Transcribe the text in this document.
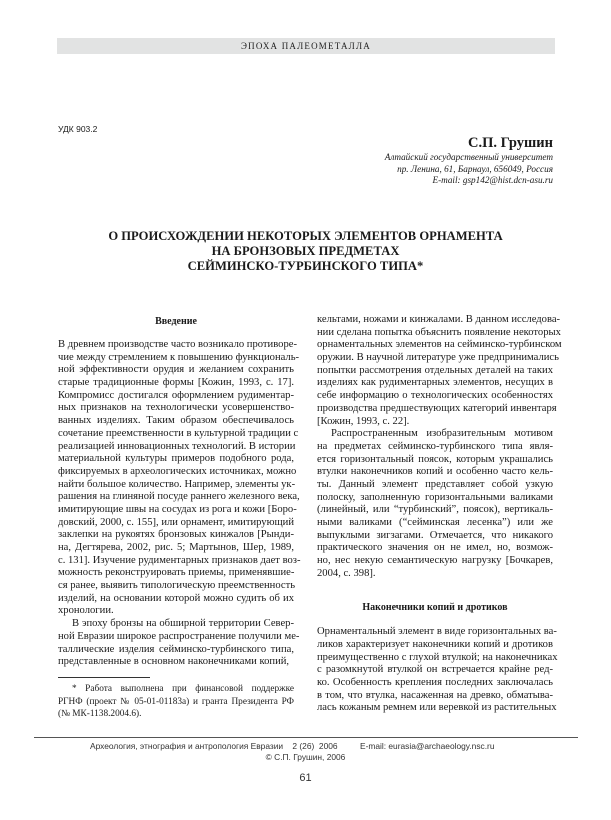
ЭПОХА ПАЛЕОМЕТАЛЛА
УДК 903.2
С.П. Грушин
Алтайский государственный университет
пр. Ленина, 61, Барнаул, 656049, Россия
E-mail: gsp142@hist.dcn-asu.ru
О ПРОИСХОЖДЕНИИ НЕКОТОРЫХ ЭЛЕМЕНТОВ ОРНАМЕНТА
НА БРОНЗОВЫХ ПРЕДМЕТАХ
СЕЙМИНСКО-ТУРБИНСКОГО ТИПА*
Введение
В древнем производстве часто возникало противоре-
чие между стремлением к повышению функциональ-
ной эффективности орудия и желанием сохранить
старые традиционные формы [Кожин, 1993, с. 17].
Компромисс достигался оформлением рудиментар-
ных признаков на технологически усовершенство-
ванных изделиях. Таким образом обеспечивалось
сочетание преемственности в культурной традиции с
реализацией инновационных технологий. В истории
материальной культуры примеров подобного рода,
фиксируемых в археологических источниках, можно
найти большое количество. Например, элементы ук-
рашения на глиняной посуде раннего железного века,
имитирующие швы на сосудах из рога и кожи [Боро-
довский, 2000, с. 155], или орнамент, имитирующий
заклепки на рукоятях бронзовых кинжалов [Рынди-
на, Дегтярева, 2002, рис. 5; Мартынов, Шер, 1989,
с. 131]. Изучение рудиментарных признаков дает воз-
можность реконструировать приемы, применявшие-
ся ранее, выявить типологическую преемственность
изделий, на основании которой можно судить об их
хронологии.
В эпоху бронзы на обширной территории Север-
ной Евразии широкое распространение получили ме-
таллические изделия сейминско-турбинского типа,
представленные в основном наконечниками копий,
кельтами, ножами и кинжалами. В данном исследова-
нии сделана попытка объяснить появление некоторых
орнаментальных элементов на сейминско-турбинском
оружии. В научной литературе уже предпринимались
попытки рассмотрения отдельных деталей на таких
изделиях как рудиментарных элементов, несущих в
себе информацию о технологических особенностях
производства предшествующих категорий инвентаря
[Кожин, 1993, с. 22].
Распространенным изобразительным мотивом
на предметах сейминско-турбинского типа явля-
ется горизонтальный поясок, которым украшались
втулки наконечников копий и особенно часто кель-
ты. Данный элемент представляет собой узкую
полоску, заполненную горизонтальными валиками
(линейный, или “турбинский”, поясок), вертикаль-
ными валиками (“сейминская лесенка”) или же
выпуклыми зигзагами. Отмечается, что никакого
практического значения он не имел, но, возмож-
но, нес некую семантическую нагрузку [Бочкарев,
2004, с. 398].
Наконечники копий и дротиков
Орнаментальный элемент в виде горизонтальных ва-
ликов характеризует наконечники копий и дротиков
преимущественно с глухой втулкой; на наконечниках
с разомкнутой втулкой он встречается крайне ред-
ко. Особенность крепления последних заключалась
в том, что втулка, насаженная на древко, обматыва-
лась кожаным ремнем или веревкой из растительных
* Работа выполнена при финансовой поддержке
РГНФ (проект № 05-01-01183а) и гранта Президента РФ
(№ МК-1138.2004.6).
Археология, этнография и антропология Евразии    2 (26)  2006	E-mail: eurasia@archaeology.nsc.ru
© С.П. Грушин, 2006
61
